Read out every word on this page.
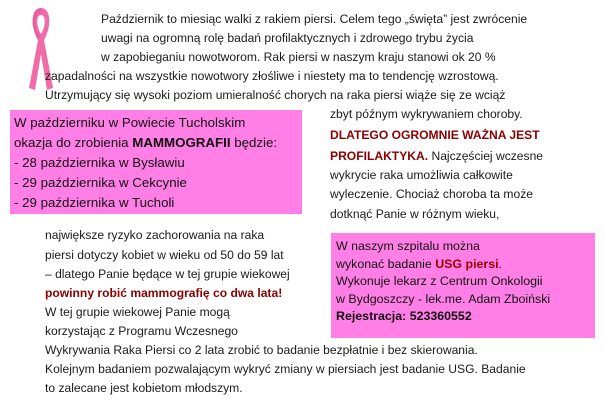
Październik to miesiąc walki z rakiem piersi. Celem tego „święta” jest zwrócenie
uwagi na ogromną rolę badań profilaktycznych i zdrowego trybu życia
w zapobieganiu nowotworom. Rak piersi w naszym kraju stanowi ok 20 %
zapadalności na wszystkie nowotwory złośliwe i niestety ma to tendencję wzrostową.
Utrzymujący się wysoki poziom umieralność chorych na raka piersi wiąże się ze wciąż
zbyt późnym wykrywaniem choroby.
DLATEGO OGROMNIE WAŻNA JEST
PROFILAKTYKA. Najczęściej wczesne
wykrycie raka umożliwia całkowite
wyleczenie. Chociaż choroba ta może
dotknąć Panie w różnym wieku,
W październiku w Powiecie Tucholskim
okazja do zrobienia MAMMOGRAFII będzie:
- 28 października w Bysławiu
- 29 października w Cekcynie
- 29 października w Tucholi
największe ryzyko zachorowania na raka
piersi dotyczy kobiet w wieku od 50 do 59 lat
– dlatego Panie będące w tej grupie wiekowej
powinny robić mammografię co dwa lata!
W tej grupie wiekowej Panie mogą
korzystając z Programu Wczesnego
W naszym szpitalu można
wykonać badanie USG piersi.
Wykonuje lekarz z Centrum Onkologii
w Bydgoszczy - lek.me. Adam Zboiński
Rejestracja: 523360552
Wykrywania Raka Piersi co 2 lata zrobić to badanie bezpłatnie i bez skierowania.
Kolejnym badaniem pozwalającym wykryć zmiany w piersiach jest badanie USG. Badanie
to zalecane jest kobietom młodszym.
